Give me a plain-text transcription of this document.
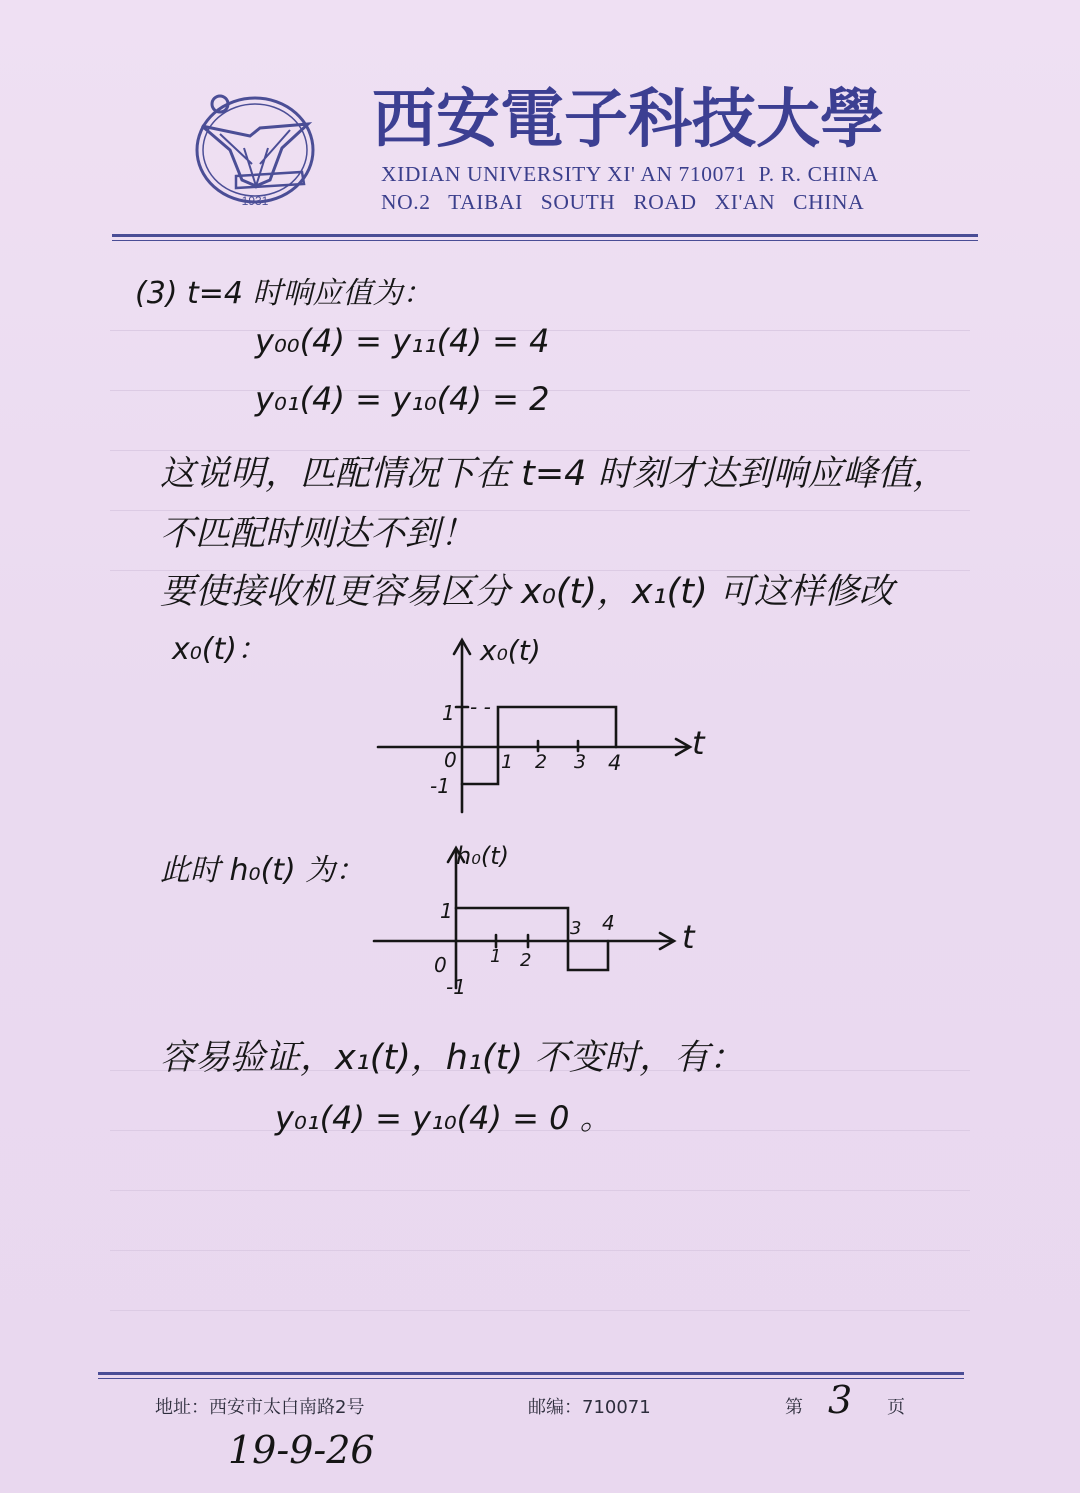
1931
西安電子科技大學
XIDIAN UNIVERSITY XI' AN 710071  P. R. CHINA
NO.2   TAIBAI   SOUTH   ROAD   XI'AN   CHINA
(3) t=4 时响应值为：
y₀₀(4) = y₁₁(4) = 4
y₀₁(4) = y₁₀(4) = 2
这说明，匹配情况下在 t=4 时刻才达到响应峰值，
不匹配时则达不到！
要使接收机更容易区分 x₀(t)，x₁(t) 可这样修改
x₀(t)：	x₀(t)
t
0
1
-1
- -
1 2 3 4
此时 h₀(t) 为：	h₀(t)
t
0
1
-1
1 2
3 4
容易验证，x₁(t)，h₁(t) 不变时，有：
y₀₁(4) = y₁₀(4) = 0 。
地址：西安市太白南路2号	邮编：710071	第 3 页
19-9-26
